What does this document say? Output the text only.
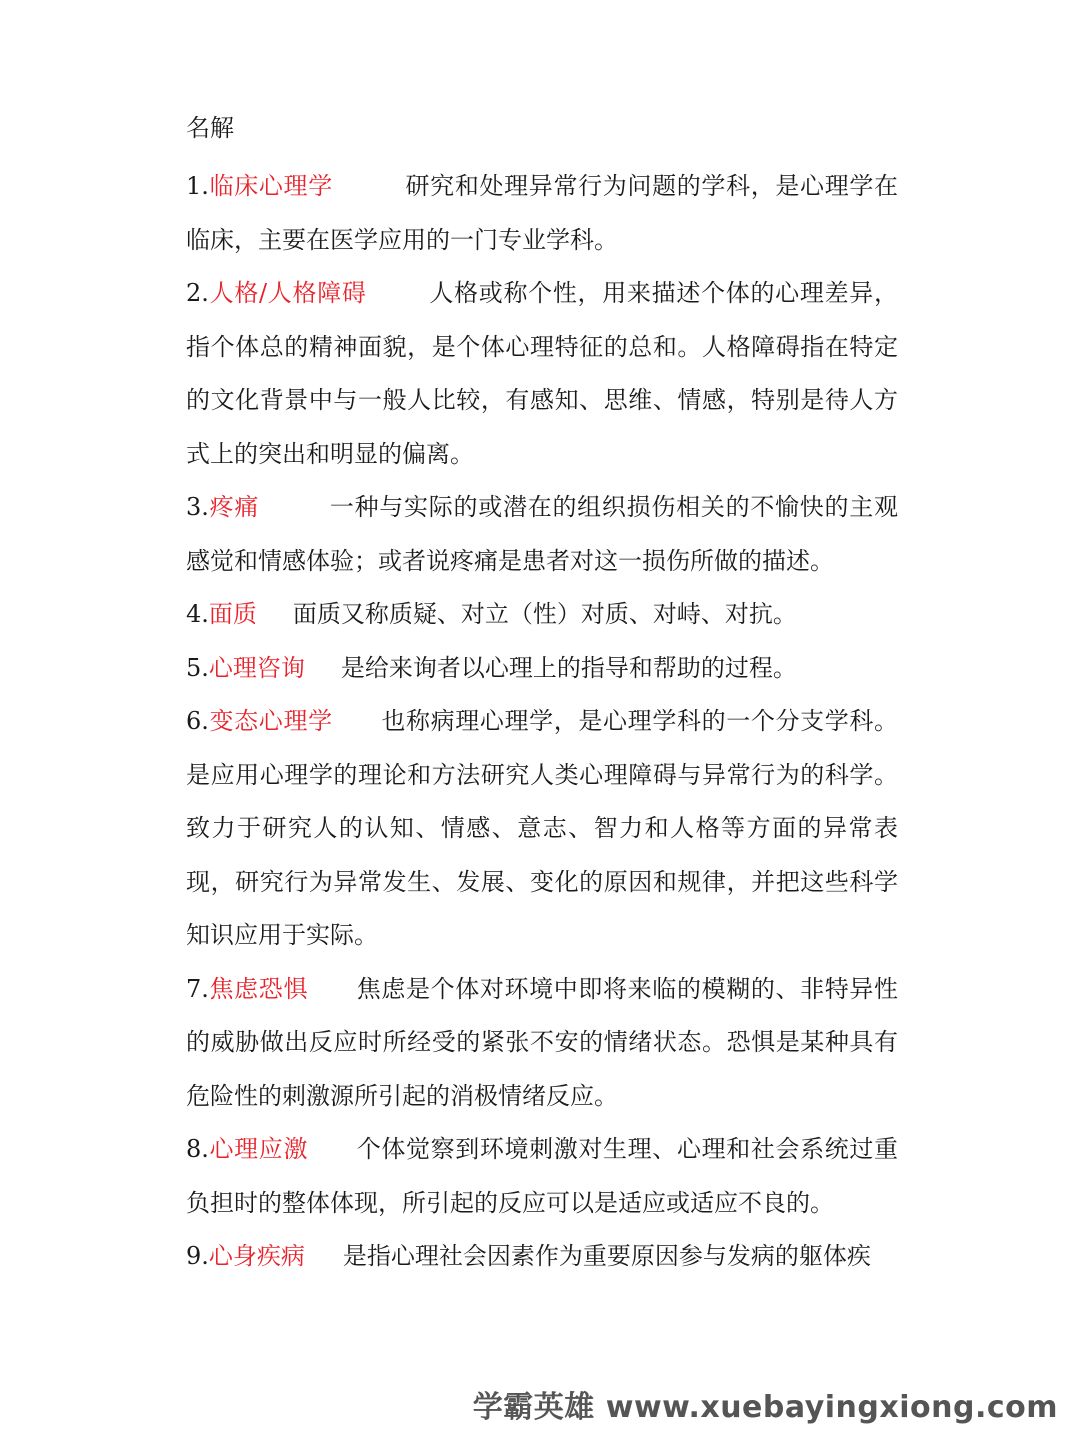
名解

1.临床心理学	研究和处理异常行为问题的学科，是心理学在临床，主要在医学应用的一门专业学科。

2.人格/人格障碍	人格或称个性，用来描述个体的心理差异，指个体总的精神面貌，是个体心理特征的总和。人格障碍指在特定的文化背景中与一般人比较，有感知、思维、情感，特别是待人方式上的突出和明显的偏离。

3.疼痛	一种与实际的或潜在的组织损伤相关的不愉快的主观感觉和情感体验；或者说疼痛是患者对这一损伤所做的描述。

4.面质 面质又称质疑、对立（性）对质、对峙、对抗。

5.心理咨询 是给来询者以心理上的指导和帮助的过程。

6.变态心理学 也称病理心理学，是心理学科的一个分支学科。是应用心理学的理论和方法研究人类心理障碍与异常行为的科学。致力于研究人的认知、情感、意志、智力和人格等方面的异常表现，研究行为异常发生、发展、变化的原因和规律，并把这些科学知识应用于实际。

7.焦虑恐惧 焦虑是个体对环境中即将来临的模糊的、非特异性的威胁做出反应时所经受的紧张不安的情绪状态。恐惧是某种具有危险性的刺激源所引起的消极情绪反应。

8.心理应激 个体觉察到环境刺激对生理、心理和社会系统过重负担时的整体体现，所引起的反应可以是适应或适应不良的。

9.心身疾病 是指心理社会因素作为重要原因参与发病的躯体疾

学霸英雄 www.xuebayingxiong.com
